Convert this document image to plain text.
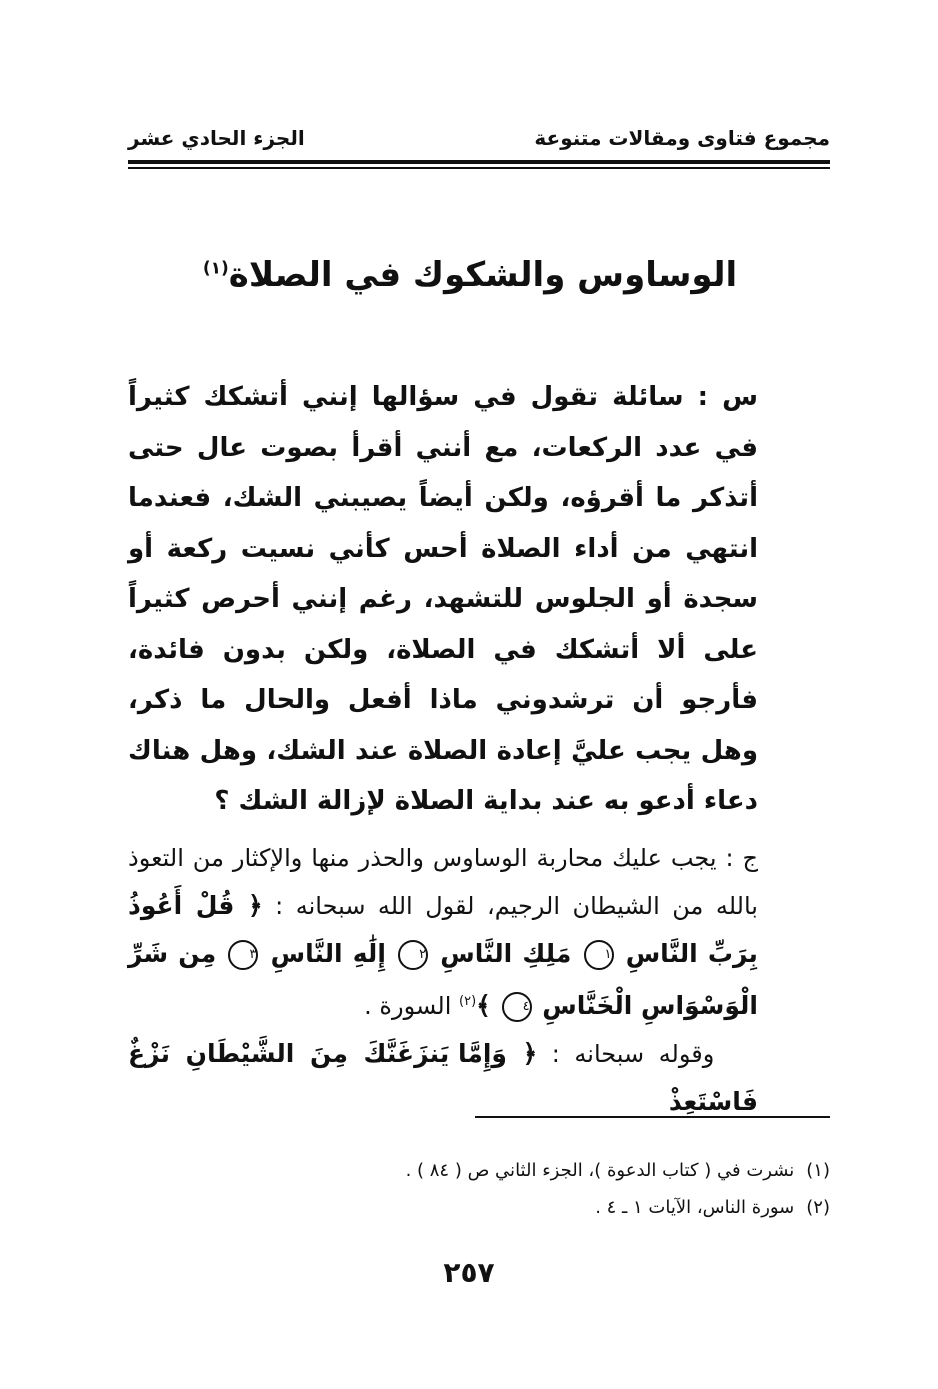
مجموع فتاوى ومقالات متنوعة
الجزء الحادي عشر
الوساوس والشكوك في الصلاة$^{(١)}$
س : سائلة تقول في سؤالها إنني أتشكك كثيراً في عدد الركعات، مع أنني أقرأ بصوت عال حتى أتذكر ما أقرؤه، ولكن أيضاً يصيبني الشك، فعندما انتهي من أداء الصلاة أحس كأني نسيت ركعة أو سجدة أو الجلوس للتشهد، رغم إنني أحرص كثيراً على ألا أتشكك في الصلاة، ولكن بدون فائدة، فأرجو أن ترشدوني ماذا أفعل والحال ما ذكر، وهل يجب عليَّ إعادة الصلاة عند الشك، وهل هناك دعاء أدعو به عند بداية الصلاة لإزالة الشك ؟
ج : يجب عليك محاربة الوساوس والحذر منها والإكثار من التعوذ بالله من الشيطان الرجيم، لقول الله سبحانه : ﴿ قُلْ أَعُوذُ بِرَبِّ النَّاسِ ١ مَلِكِ النَّاسِ ٢ إِلَٰهِ النَّاسِ ٣ مِن شَرِّ الْوَسْوَاسِ الْخَنَّاسِ ٤ ﴾$^{(٢)}$ السورة .
وقوله سبحانه : ﴿ وَإِمَّا يَنزَغَنَّكَ مِنَ الشَّيْطَانِ نَزْغٌ فَاسْتَعِذْ
(١)نشرت في ( كتاب الدعوة )، الجزء الثاني ص ( ٨٤ ) .
(٢)سورة الناس، الآيات ١ ـ ٤ .
٢٥٧
